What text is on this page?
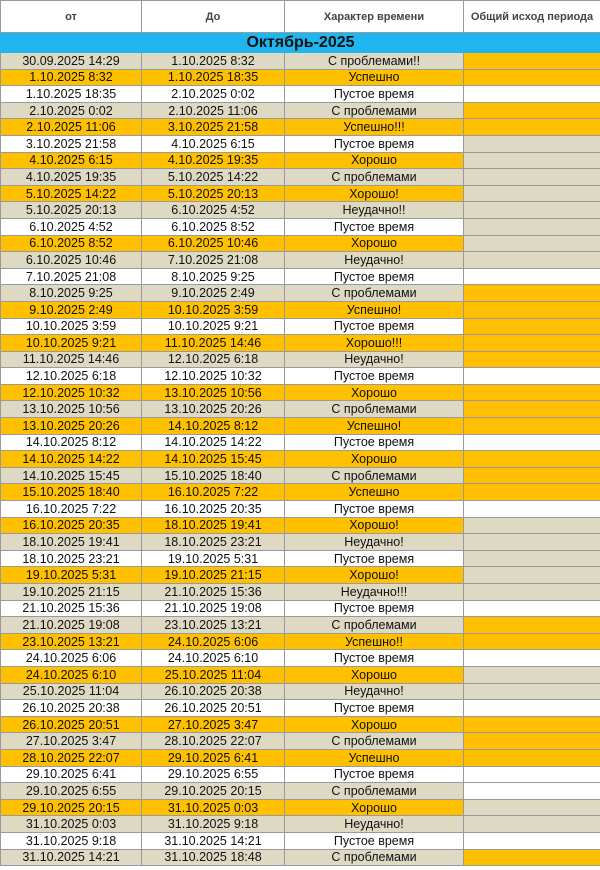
от	До	Характер времени	Общий исход периода
Октябрь-2025			
30.09.2025 14:29	1.10.2025 8:32	С проблемами!!	
1.10.2025 8:32	1.10.2025 18:35	Успешно	
1.10.2025 18:35	2.10.2025 0:02	Пустое время	
2.10.2025 0:02	2.10.2025 11:06	С проблемами	
2.10.2025 11:06	3.10.2025 21:58	Успешно!!!	
3.10.2025 21:58	4.10.2025 6:15	Пустое время	
4.10.2025 6:15	4.10.2025 19:35	Хорошо	
4.10.2025 19:35	5.10.2025 14:22	С проблемами	
5.10.2025 14:22	5.10.2025 20:13	Хорошо!	
5.10.2025 20:13	6.10.2025 4:52	Неудачно!!	
6.10.2025 4:52	6.10.2025 8:52	Пустое время	
6.10.2025 8:52	6.10.2025 10:46	Хорошо	
6.10.2025 10:46	7.10.2025 21:08	Неудачно!	
7.10.2025 21:08	8.10.2025 9:25	Пустое время	
8.10.2025 9:25	9.10.2025 2:49	С проблемами	
9.10.2025 2:49	10.10.2025 3:59	Успешно!	
10.10.2025 3:59	10.10.2025 9:21	Пустое время	
10.10.2025 9:21	11.10.2025 14:46	Хорошо!!!	
11.10.2025 14:46	12.10.2025 6:18	Неудачно!	
12.10.2025 6:18	12.10.2025 10:32	Пустое время	
12.10.2025 10:32	13.10.2025 10:56	Хорошо	
13.10.2025 10:56	13.10.2025 20:26	С проблемами	
13.10.2025 20:26	14.10.2025 8:12	Успешно!	
14.10.2025 8:12	14.10.2025 14:22	Пустое время	
14.10.2025 14:22	14.10.2025 15:45	Хорошо	
14.10.2025 15:45	15.10.2025 18:40	С проблемами	
15.10.2025 18:40	16.10.2025 7:22	Успешно	
16.10.2025 7:22	16.10.2025 20:35	Пустое время	
16.10.2025 20:35	18.10.2025 19:41	Хорошо!	
18.10.2025 19:41	18.10.2025 23:21	Неудачно!	
18.10.2025 23:21	19.10.2025 5:31	Пустое время	
19.10.2025 5:31	19.10.2025 21:15	Хорошо!	
19.10.2025 21:15	21.10.2025 15:36	Неудачно!!!	
21.10.2025 15:36	21.10.2025 19:08	Пустое время	
21.10.2025 19:08	23.10.2025 13:21	С проблемами	
23.10.2025 13:21	24.10.2025 6:06	Успешно!!	
24.10.2025 6:06	24.10.2025 6:10	Пустое время	
24.10.2025 6:10	25.10.2025 11:04	Хорошо	
25.10.2025 11:04	26.10.2025 20:38	Неудачно!	
26.10.2025 20:38	26.10.2025 20:51	Пустое время	
26.10.2025 20:51	27.10.2025 3:47	Хорошо	
27.10.2025 3:47	28.10.2025 22:07	С проблемами	
28.10.2025 22:07	29.10.2025 6:41	Успешно	
29.10.2025 6:41	29.10.2025 6:55	Пустое время	
29.10.2025 6:55	29.10.2025 20:15	С проблемами	
29.10.2025 20:15	31.10.2025 0:03	Хорошо	
31.10.2025 0:03	31.10.2025 9:18	Неудачно!	
31.10.2025 9:18	31.10.2025 14:21	Пустое время	
31.10.2025 14:21	31.10.2025 18:48	С проблемами	
